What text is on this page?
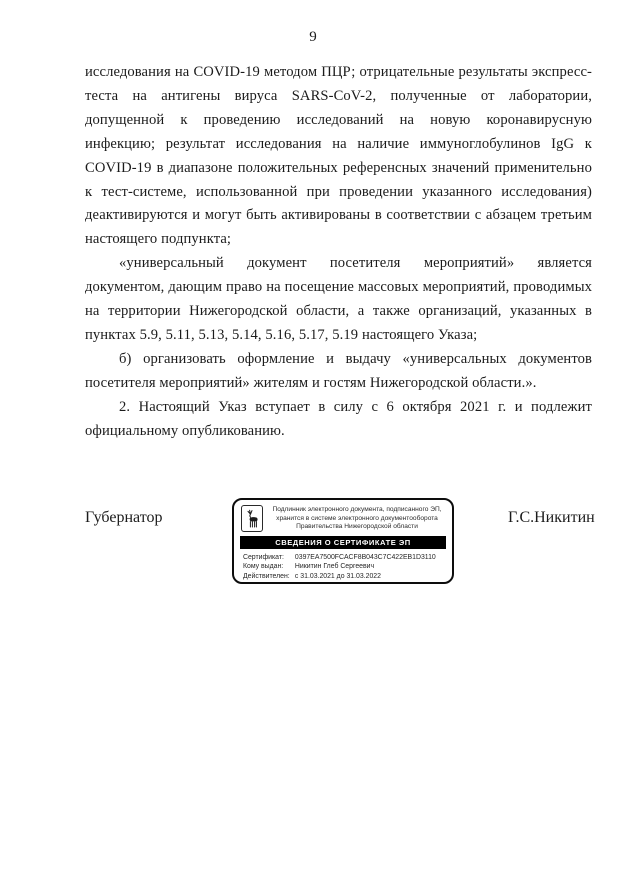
9
исследования на COVID-19 методом ПЦР; отрицательные результаты экспресс-
теста на антигены вируса SARS-CoV-2, полученные от лаборатории,
допущенной к проведению исследований на новую коронавирусную
инфекцию; результат исследования на наличие иммуноглобулинов IgG к
COVID-19 в диапазоне положительных референсных значений применительно
к тест-системе, использованной при проведении указанного исследования)
деактивируются и могут быть активированы в соответствии с абзацем третьим
настоящего подпункта;
«универсальный документ посетителя мероприятий» является
документом, дающим право на посещение массовых мероприятий, проводимых
на территории Нижегородской области, а также организаций, указанных в
пунктах 5.9, 5.11, 5.13, 5.14, 5.16, 5.17, 5.19 настоящего Указа;
б) организовать оформление и выдачу «универсальных документов
посетителя мероприятий» жителям и гостям Нижегородской области.».
2. Настоящий Указ вступает в силу с 6 октября 2021 г. и подлежит
официальному опубликованию.
Губернатор	Подлинник электронного документа, подписанного ЭП,
хранится в системе электронного документооборота
Правительства Нижегородской области
СВЕДЕНИЯ О СЕРТИФИКАТЕ ЭП
Сертификат: 0397EA7500FCACF8B043C7C422EB1D3110
Кому выдан: Никитин Глеб Сергеевич
Действителен: с 31.03.2021 до 31.03.2022
Г.С.Никитин
